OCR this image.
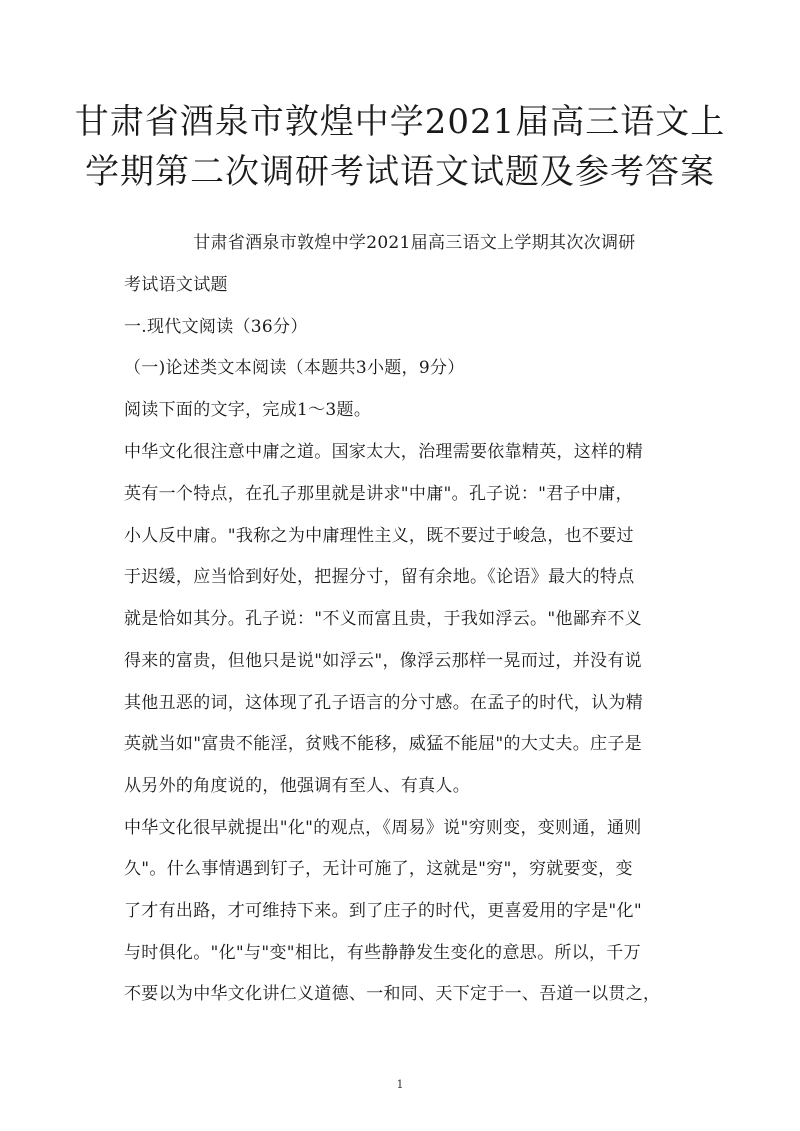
甘肃省酒泉市敦煌中学2021届高三语文上
学期第二次调研考试语文试题及参考答案

　　　　甘肃省酒泉市敦煌中学2021届高三语文上学期其次次调研

考试语文试题

一.现代文阅读（36分）

（一)论述类文本阅读（本题共3小题，9分）

阅读下面的文字，完成1～3题。

中华文化很注意中庸之道。国家太大，治理需要依靠精英，这样的精

英有一个特点，在孔子那里就是讲求"中庸"。孔子说："君子中庸，

小人反中庸。"我称之为中庸理性主义，既不要过于峻急，也不要过

于迟缓，应当恰到好处，把握分寸，留有余地。《论语》最大的特点

就是恰如其分。孔子说："不义而富且贵，于我如浮云。"他鄙弃不义

得来的富贵，但他只是说"如浮云"，像浮云那样一晃而过，并没有说

其他丑恶的词，这体现了孔子语言的分寸感。在孟子的时代，认为精

英就当如"富贵不能淫，贫贱不能移，威猛不能屈"的大丈夫。庄子是

从另外的角度说的，他强调有至人、有真人。

中华文化很早就提出"化"的观点，《周易》说"穷则变，变则通，通则

久"。什么事情遇到钉子，无计可施了，这就是"穷"，穷就要变，变

了才有出路，才可维持下来。到了庄子的时代，更喜爱用的字是"化"

与时俱化。"化"与"变"相比，有些静静发生变化的意思。所以，千万

不要以为中华文化讲仁义道德、一和同、天下定于一、吾道一以贯之，

1
